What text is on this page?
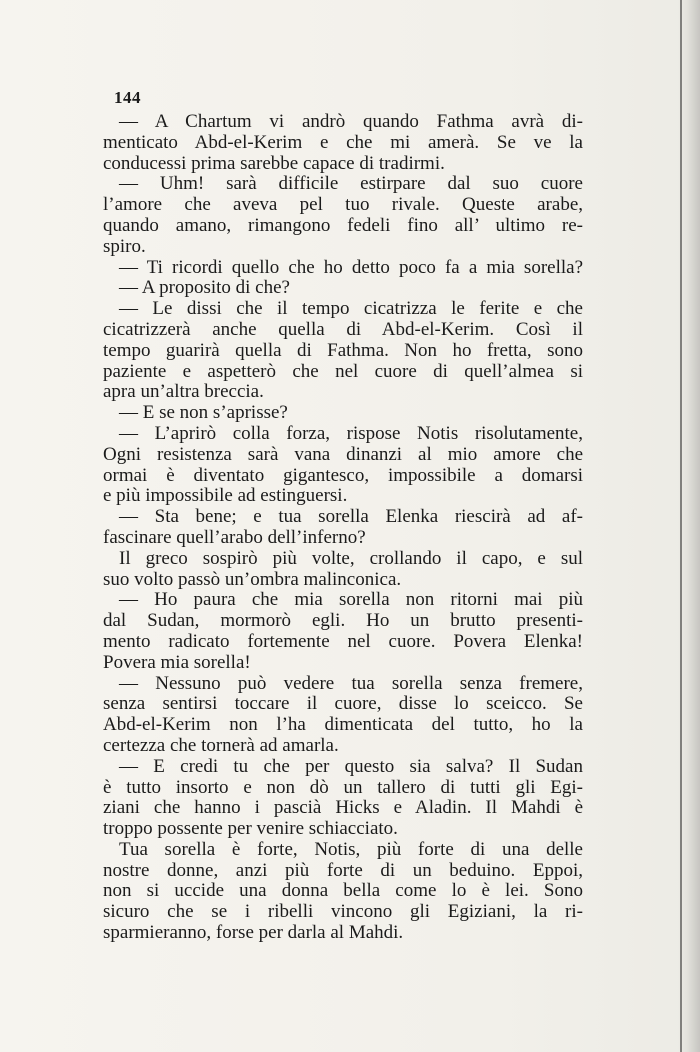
144
— A Chartum vi andrò quando Fathma avrà di-
menticato Abd-el-Kerim e che mi amerà. Se ve la
conducessi prima sarebbe capace di tradirmi.
— Uhm! sarà difficile estirpare dal suo cuore
l’amore che aveva pel tuo rivale. Queste arabe,
quando amano, rimangono fedeli fino all’ ultimo re-
spiro.
— Ti ricordi quello che ho detto poco fa a mia sorella?
— A proposito di che?
— Le dissi che il tempo cicatrizza le ferite e che
cicatrizzerà anche quella di Abd-el-Kerim. Così il
tempo guarirà quella di Fathma. Non ho fretta, sono
paziente e aspetterò che nel cuore di quell’almea si
apra un’altra breccia.
— E se non s’aprisse?
— L’aprirò colla forza, rispose Notis risolutamente,
Ogni resistenza sarà vana dinanzi al mio amore che
ormai è diventato gigantesco, impossibile a domarsi
e più impossibile ad estinguersi.
— Sta bene; e tua sorella Elenka riescirà ad af-
fascinare quell’arabo dell’inferno?
Il greco sospirò più volte, crollando il capo, e sul
suo volto passò un’ombra malinconica.
— Ho paura che mia sorella non ritorni mai più
dal Sudan, mormorò egli. Ho un brutto presenti-
mento radicato fortemente nel cuore. Povera Elenka!
Povera mia sorella!
— Nessuno può vedere tua sorella senza fremere,
senza sentirsi toccare il cuore, disse lo sceicco. Se
Abd-el-Kerim non l’ha dimenticata del tutto, ho la
certezza che tornerà ad amarla.
— E credi tu che per questo sia salva? Il Sudan
è tutto insorto e non dò un tallero di tutti gli Egi-
ziani che hanno i pascià Hicks e Aladin. Il Mahdi è
troppo possente per venire schiacciato.
Tua sorella è forte, Notis, più forte di una delle
nostre donne, anzi più forte di un beduino. Eppoi,
non si uccide una donna bella come lo è lei. Sono
sicuro che se i ribelli vincono gli Egiziani, la ri-
sparmieranno, forse per darla al Mahdi.
